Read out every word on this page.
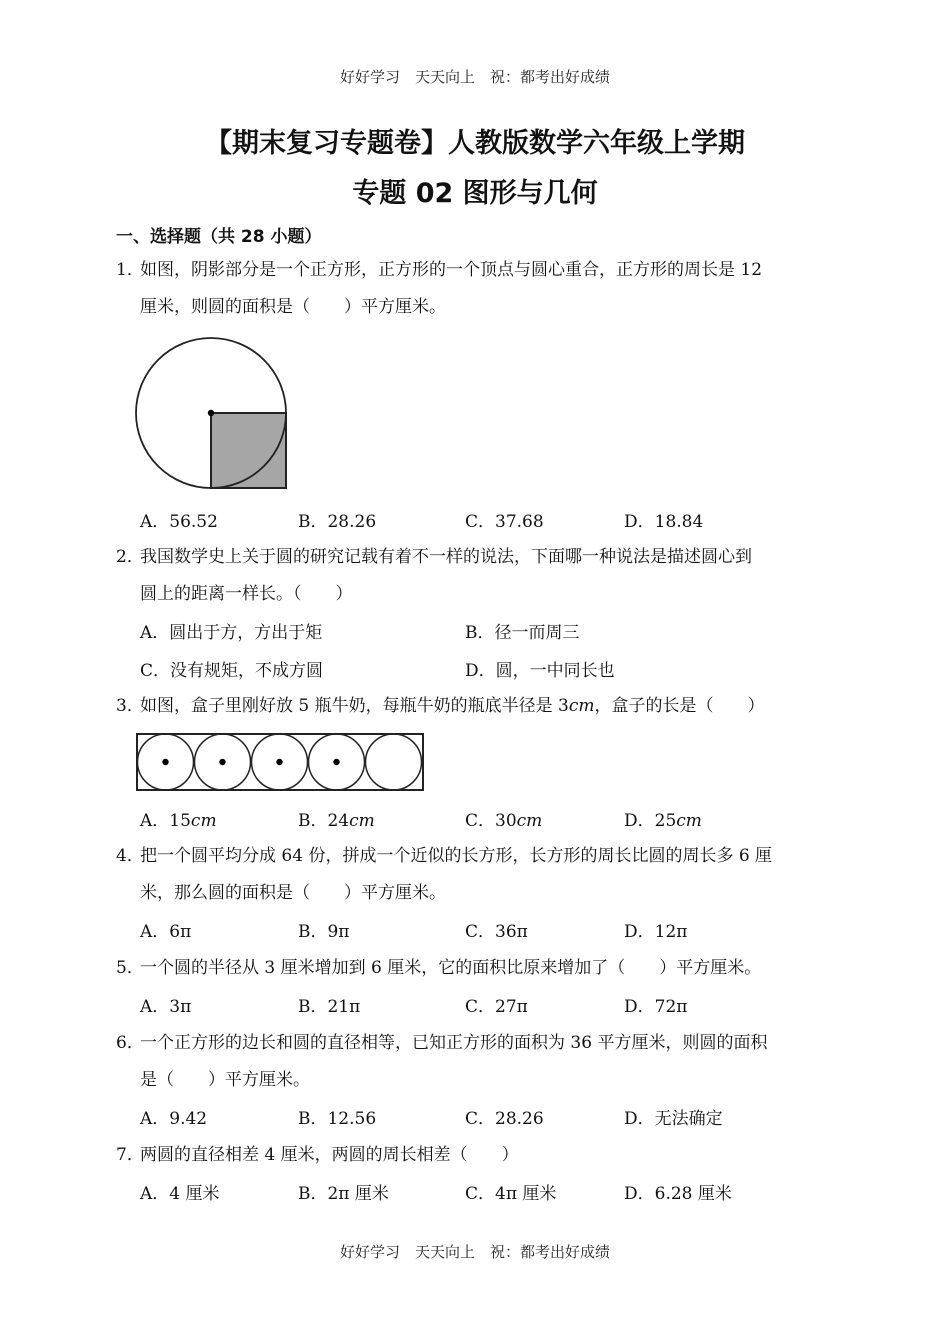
好好学习　天天向上　祝：都考出好成绩
【期末复习专题卷】人教版数学六年级上学期
专题 02 图形与几何
一、选择题（共 28 小题）
1．如图，阴影部分是一个正方形，正方形的一个顶点与圆心重合，正方形的周长是 12
厘米，则圆的面积是（　　）平方厘米。
A．56.52	B．28.26	C．37.68	D．18.84
2．我国数学史上关于圆的研究记载有着不一样的说法，下面哪一种说法是描述圆心到
圆上的距离一样长。（　　）
A．圆出于方，方出于矩	B．径一而周三
C．没有规矩，不成方圆	D．圆，一中同长也
3．如图，盒子里刚好放 5 瓶牛奶，每瓶牛奶的瓶底半径是 3cm，盒子的长是（　　）
A．15cm	B．24cm	C．30cm	D．25cm
4．把一个圆平均分成 64 份，拼成一个近似的长方形，长方形的周长比圆的周长多 6 厘
米，那么圆的面积是（　　）平方厘米。
A．6π	B．9π	C．36π	D．12π
5．一个圆的半径从 3 厘米增加到 6 厘米，它的面积比原来增加了（　　）平方厘米。
A．3π	B．21π	C．27π	D．72π
6．一个正方形的边长和圆的直径相等，已知正方形的面积为 36 平方厘米，则圆的面积
是（　　）平方厘米。
A．9.42	B．12.56	C．28.26	D．无法确定
7．两圆的直径相差 4 厘米，两圆的周长相差（　　）
A．4 厘米	B．2π 厘米	C．4π 厘米	D．6.28 厘米
好好学习　天天向上　祝：都考出好成绩
